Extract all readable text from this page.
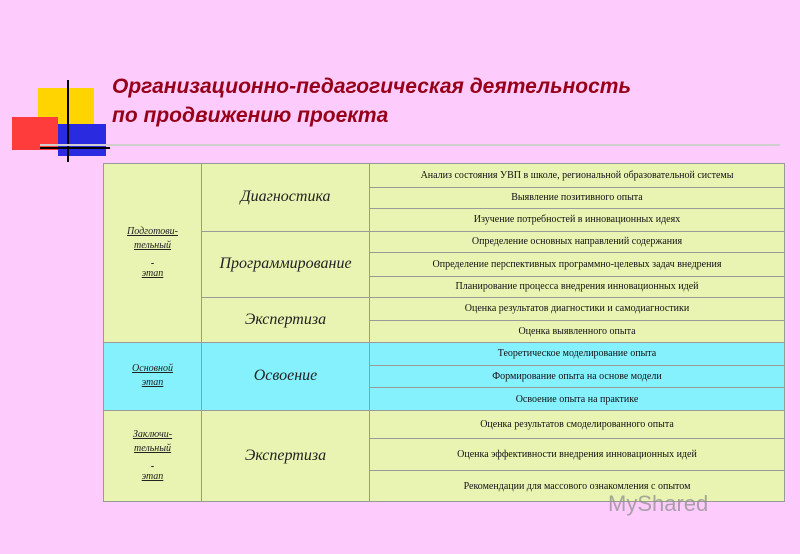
Организационно-педагогическая деятельность
по продвижению проекта
Подготови-
тельный

этап	Диагностика	Анализ состояния УВП в школе, региональной образовательной системы
		Выявление позитивного опыта
		Изучение потребностей в инновационных идеях
	Программирование	Определение основных направлений содержания
		Определение перспективных программно-целевых задач внедрения
		Планирование процесса внедрения инновационных идей
	Экспертиза	Оценка результатов диагностики и самодиагностики
		Оценка выявленного опыта

Основной
этап	Освоение	Теоретическое моделирование опыта
		Формирование опыта на основе модели
		Освоение опыта на практике

Заключи-
тельный

этап	Экспертиза	Оценка результатов смоделированного опыта
		Оценка эффективности внедрения инновационных идей
		Рекомендации для массового ознакомления с опытом
MyShared
